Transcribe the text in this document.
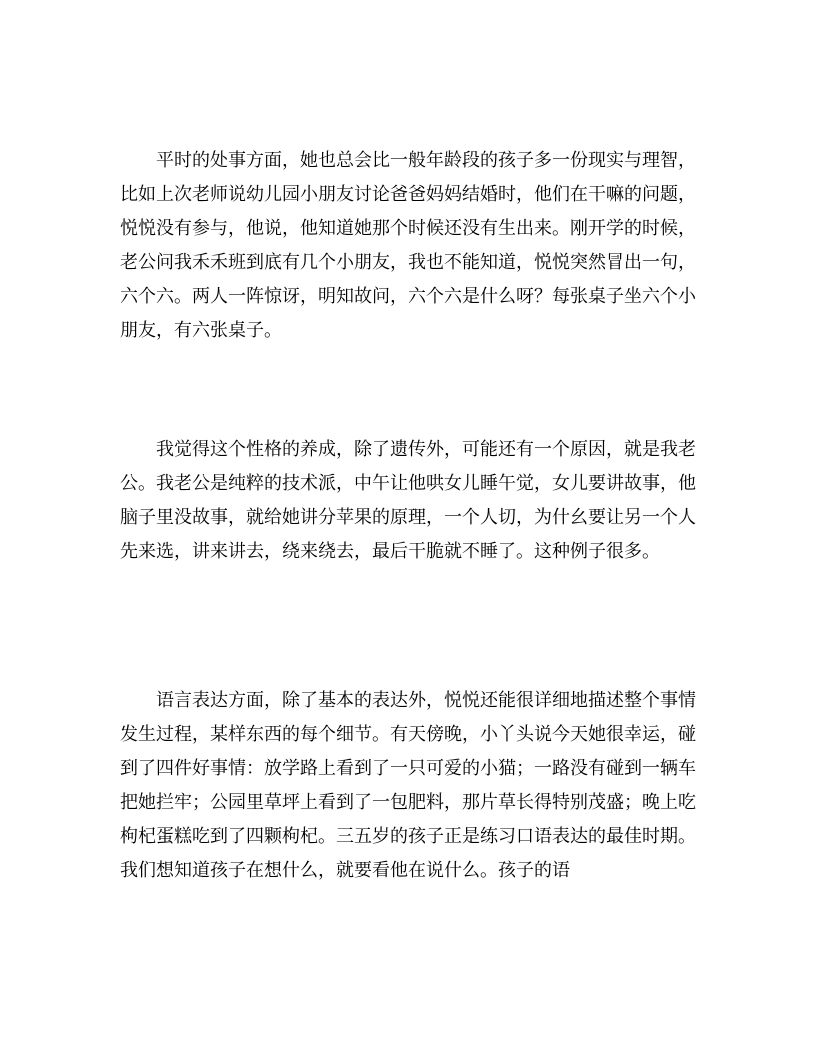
平时的处事方面，她也总会比一般年龄段的孩子多一份现实与理智，比如上次老师说幼儿园小朋友讨论爸爸妈妈结婚时，他们在干嘛的问题，悦悦没有参与，他说，他知道她那个时候还没有生出来。刚开学的时候，老公问我禾禾班到底有几个小朋友，我也不能知道，悦悦突然冒出一句，六个六。两人一阵惊讶，明知故问，六个六是什么呀？每张桌子坐六个小朋友，有六张桌子。

我觉得这个性格的养成，除了遗传外，可能还有一个原因，就是我老公。我老公是纯粹的技术派，中午让他哄女儿睡午觉，女儿要讲故事，他脑子里没故事，就给她讲分苹果的原理，一个人切，为什幺要让另一个人先来选，讲来讲去，绕来绕去，最后干脆就不睡了。这种例子很多。

语言表达方面，除了基本的表达外，悦悦还能很详细地描述整个事情发生过程，某样东西的每个细节。有天傍晚，小丫头说今天她很幸运，碰到了四件好事情：放学路上看到了一只可爱的小猫；一路没有碰到一辆车把她拦牢；公园里草坪上看到了一包肥料，那片草长得特别茂盛；晚上吃枸杞蛋糕吃到了四颗枸杞。三五岁的孩子正是练习口语表达的最佳时期。我们想知道孩子在想什么，就要看他在说什么。孩子的语
